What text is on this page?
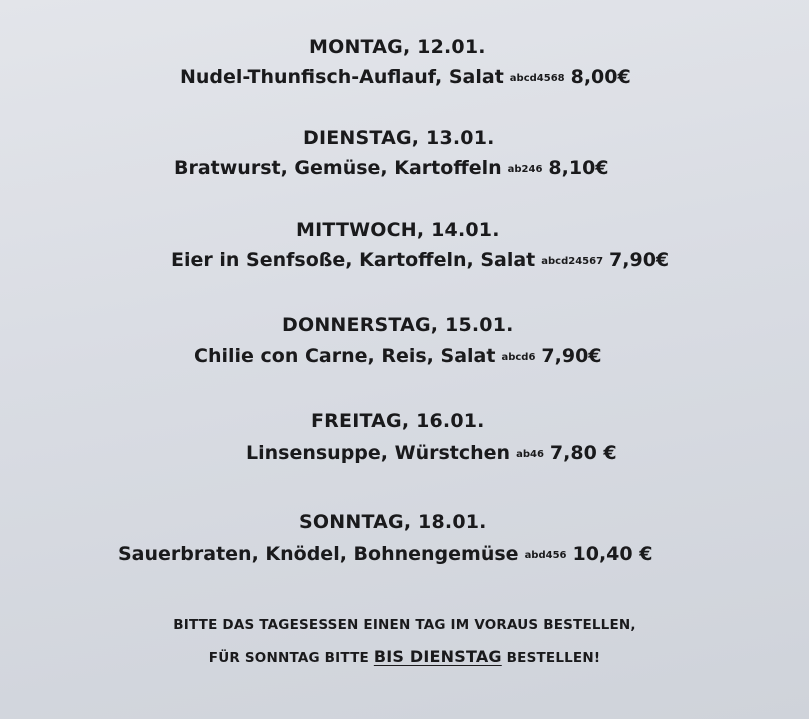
MONTAG, 12.01.
Nudel-Thunfisch-Auflauf, Salat abcd4568 8,00€
DIENSTAG, 13.01.
Bratwurst, Gemüse, Kartoffeln ab246 8,10€
MITTWOCH, 14.01.
Eier in Senfsoße, Kartoffeln, Salat abcd24567 7,90€
DONNERSTAG, 15.01.
Chilie con Carne, Reis, Salat abcd6 7,90€
FREITAG, 16.01.
Linsensuppe, Würstchen ab46 7,80 €
SONNTAG, 18.01.
Sauerbraten, Knödel, Bohnengemüse abd456 10,40 €
BITTE DAS TAGESESSEN EINEN TAG IM VORAUS BESTELLEN,
FÜR SONNTAG BITTE BIS DIENSTAG BESTELLEN!
